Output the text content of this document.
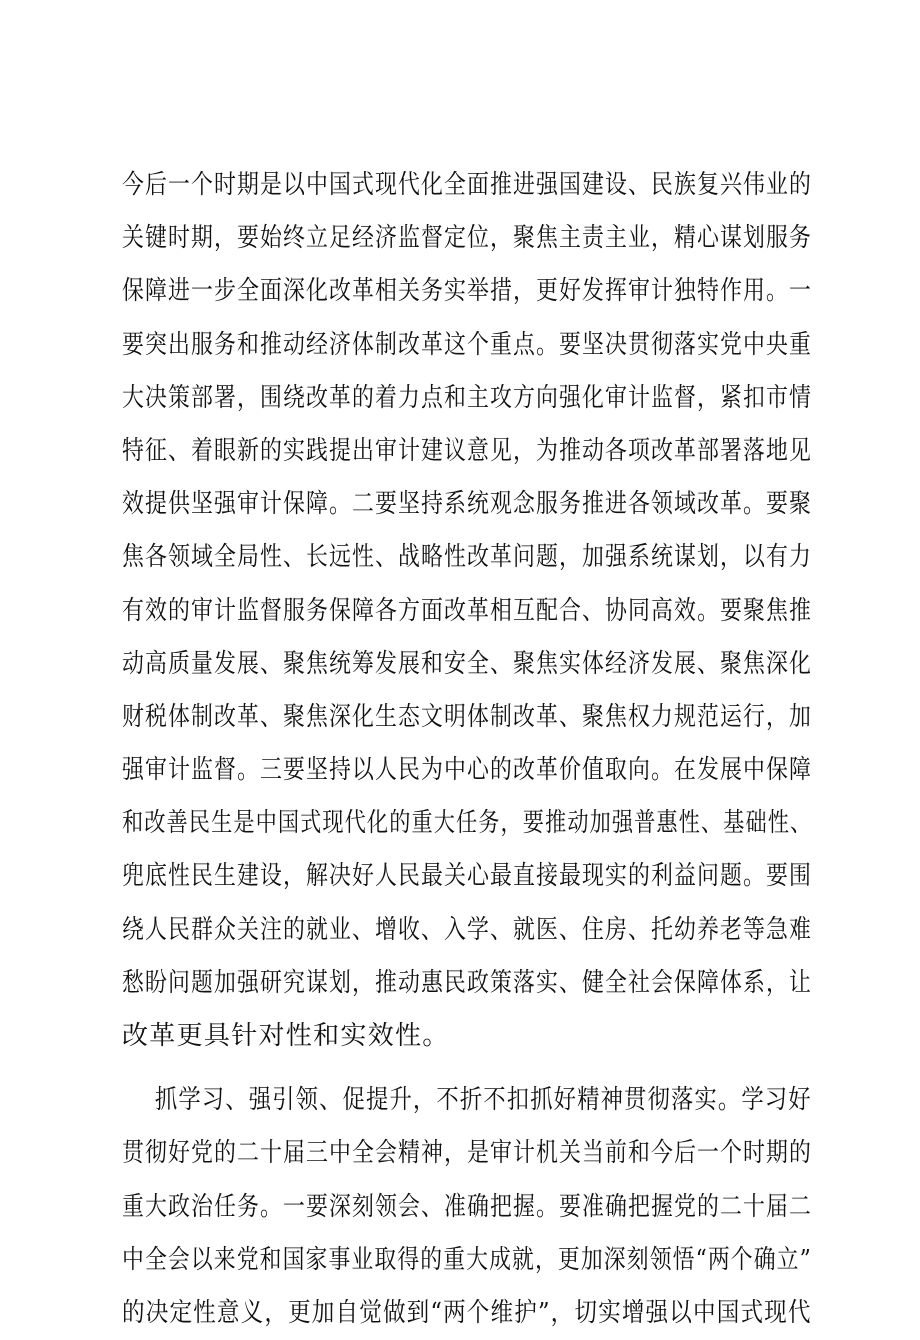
今后一个时期是以中国式现代化全面推进强国建设、民族复兴伟业的
关键时期，要始终立足经济监督定位，聚焦主责主业，精心谋划服务
保障进一步全面深化改革相关务实举措，更好发挥审计独特作用。一
要突出服务和推动经济体制改革这个重点。要坚决贯彻落实党中央重
大决策部署，围绕改革的着力点和主攻方向强化审计监督，紧扣市情
特征、着眼新的实践提出审计建议意见，为推动各项改革部署落地见
效提供坚强审计保障。二要坚持系统观念服务推进各领域改革。要聚
焦各领域全局性、长远性、战略性改革问题，加强系统谋划，以有力
有效的审计监督服务保障各方面改革相互配合、协同高效。要聚焦推
动高质量发展、聚焦统筹发展和安全、聚焦实体经济发展、聚焦深化
财税体制改革、聚焦深化生态文明体制改革、聚焦权力规范运行，加
强审计监督。三要坚持以人民为中心的改革价值取向。在发展中保障
和改善民生是中国式现代化的重大任务，要推动加强普惠性、基础性、
兜底性民生建设，解决好人民最关心最直接最现实的利益问题。要围
绕人民群众关注的就业、增收、入学、就医、住房、托幼养老等急难
愁盼问题加强研究谋划，推动惠民政策落实、健全社会保障体系，让
改革更具针对性和实效性。
抓学习、强引领、促提升，不折不扣抓好精神贯彻落实。学习好
贯彻好党的二十届三中全会精神，是审计机关当前和今后一个时期的
重大政治任务。一要深刻领会、准确把握。要准确把握党的二十届二
中全会以来党和国家事业取得的重大成就，更加深刻领悟“两个确立”
的决定性意义，更加自觉做到“两个维护”，切实增强以中国式现代
